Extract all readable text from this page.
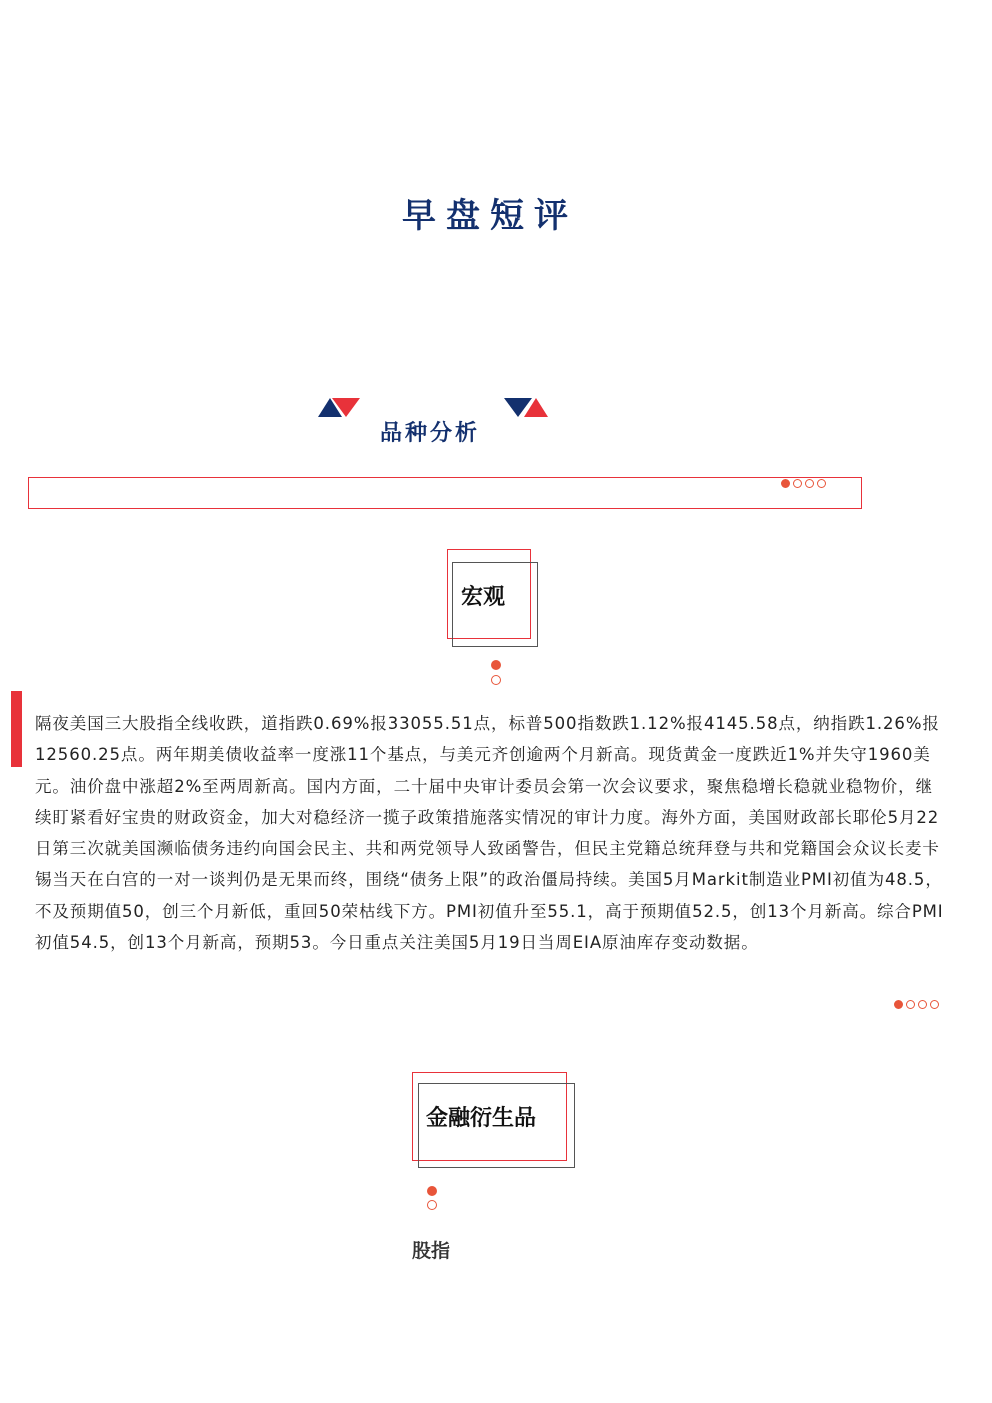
早盘短评
品种分析
宏观
隔夜美国三大股指全线收跌，道指跌0.69%报33055.51点，标普500指数跌1.12%报4145.58点，纳指跌1.26%报12560.25点。两年期美债收益率一度涨11个基点，与美元齐创逾两个月新高。现货黄金一度跌近1%并失守1960美元。油价盘中涨超2%至两周新高。国内方面，二十届中央审计委员会第一次会议要求，聚焦稳增长稳就业稳物价，继续盯紧看好宝贵的财政资金，加大对稳经济一揽子政策措施落实情况的审计力度。海外方面，美国财政部长耶伦5月22日第三次就美国濒临债务违约向国会民主、共和两党领导人致函警告，但民主党籍总统拜登与共和党籍国会众议长麦卡锡当天在白宫的一对一谈判仍是无果而终，围绕“债务上限”的政治僵局持续。美国5月Markit制造业PMI初值为48.5，不及预期值50，创三个月新低，重回50荣枯线下方。PMI初值升至55.1，高于预期值52.5，创13个月新高。综合PMI初值54.5，创13个月新高，预期53。今日重点关注美国5月19日当周EIA原油库存变动数据。
金融衍生品
股指
